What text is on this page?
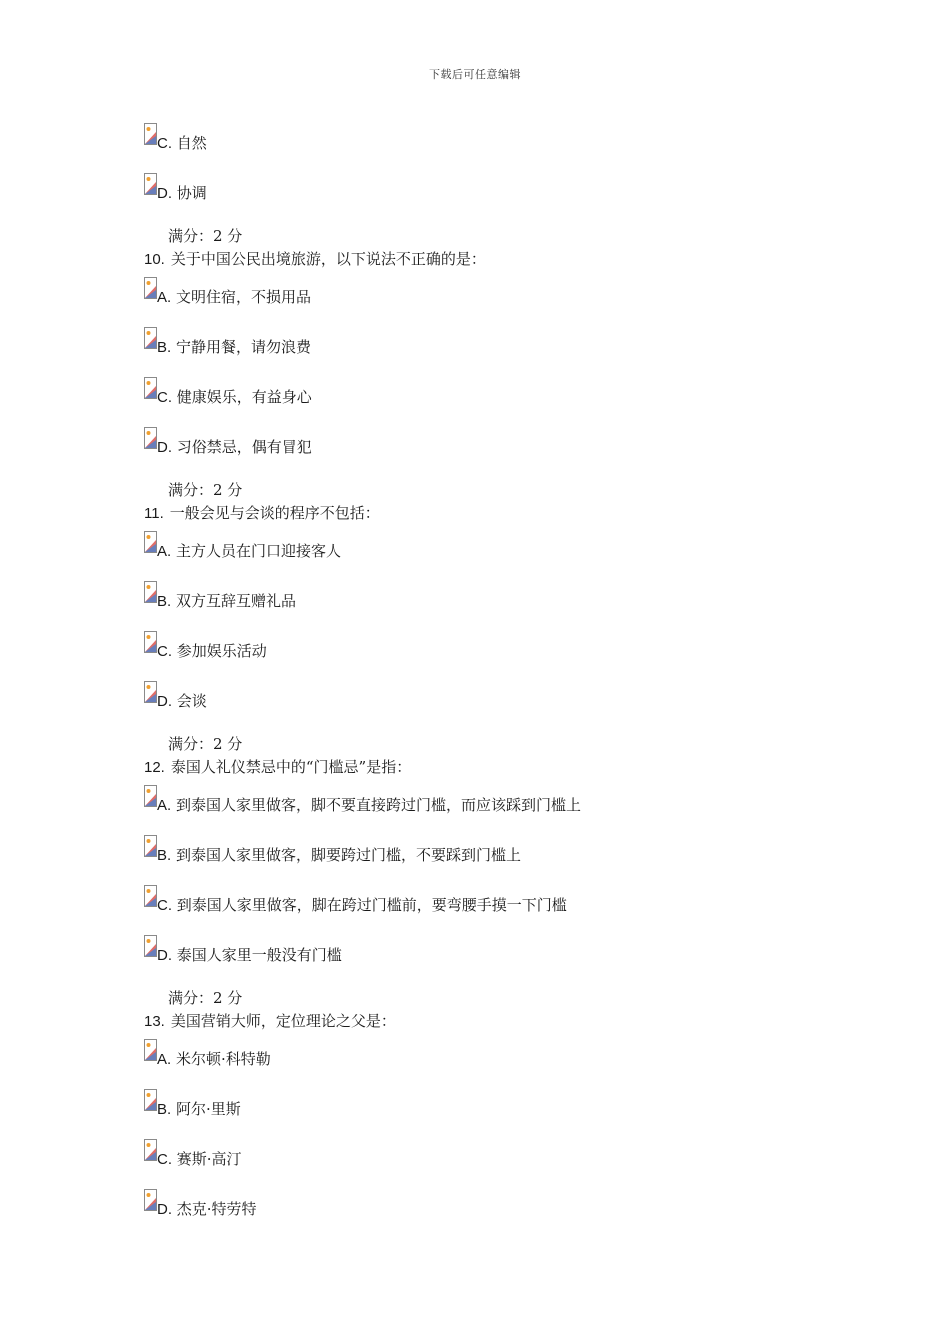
下载后可任意编辑
C. 自然
D. 协调
满分：2 分
10. 关于中国公民出境旅游，以下说法不正确的是：
A. 文明住宿，不损用品
B. 宁静用餐，请勿浪费
C. 健康娱乐，有益身心
D. 习俗禁忌，偶有冒犯
满分：2 分
11. 一般会见与会谈的程序不包括：
A. 主方人员在门口迎接客人
B. 双方互辞互赠礼品
C. 参加娱乐活动
D. 会谈
满分：2 分
12. 泰国人礼仪禁忌中的“门槛忌”是指：
A. 到泰国人家里做客，脚不要直接跨过门槛，而应该踩到门槛上
B. 到泰国人家里做客，脚要跨过门槛，不要踩到门槛上
C. 到泰国人家里做客，脚在跨过门槛前，要弯腰手摸一下门槛
D. 泰国人家里一般没有门槛
满分：2 分
13. 美国营销大师，定位理论之父是：
A. 米尔顿·科特勒
B. 阿尔·里斯
C. 赛斯·高汀
D. 杰克·特劳特
